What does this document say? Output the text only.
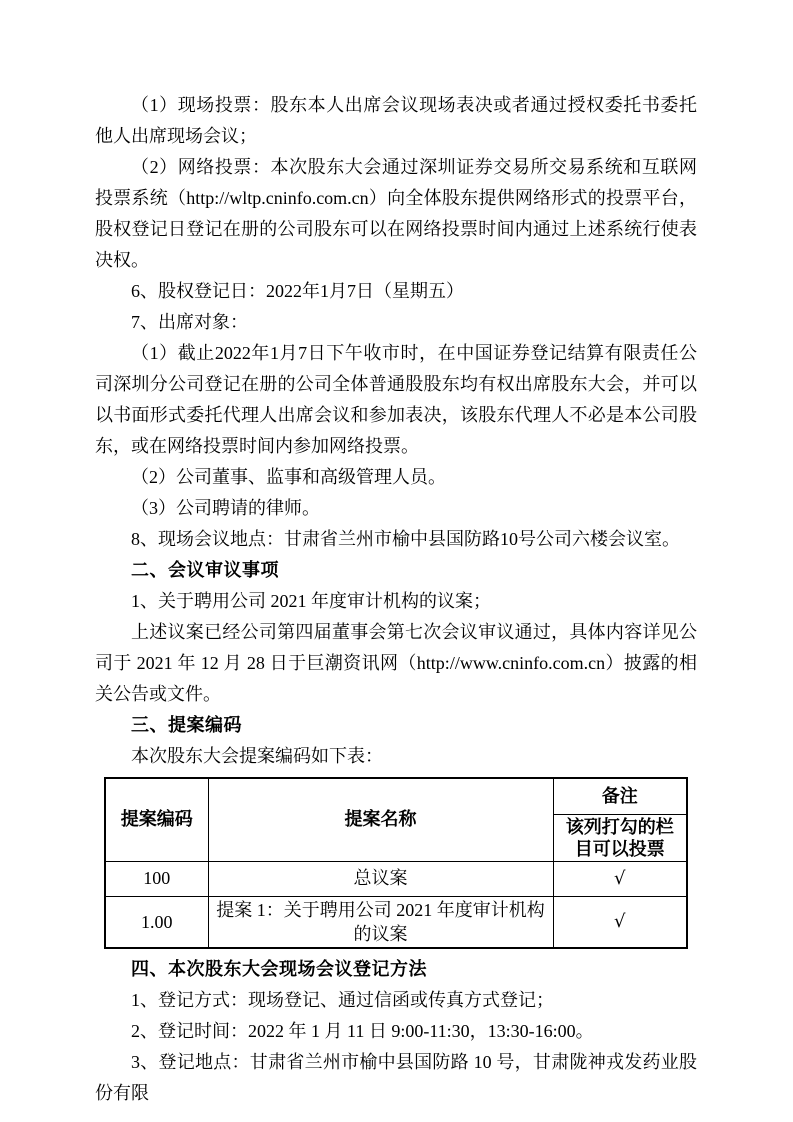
（1）现场投票：股东本人出席会议现场表决或者通过授权委托书委托他人出席现场会议；

（2）网络投票：本次股东大会通过深圳证券交易所交易系统和互联网投票系统（http://wltp.cninfo.com.cn）向全体股东提供网络形式的投票平台，股权登记日登记在册的公司股东可以在网络投票时间内通过上述系统行使表决权。

6、股权登记日：2022年1月7日（星期五）

7、出席对象：

（1）截止2022年1月7日下午收市时，在中国证券登记结算有限责任公司深圳分公司登记在册的公司全体普通股股东均有权出席股东大会，并可以以书面形式委托代理人出席会议和参加表决，该股东代理人不必是本公司股东，或在网络投票时间内参加网络投票。

（2）公司董事、监事和高级管理人员。

（3）公司聘请的律师。

8、现场会议地点：甘肃省兰州市榆中县国防路10号公司六楼会议室。

二、会议审议事项

1、关于聘用公司 2021 年度审计机构的议案；

上述议案已经公司第四届董事会第七次会议审议通过，具体内容详见公司于 2021 年 12 月 28 日于巨潮资讯网（http://www.cninfo.com.cn）披露的相关公告或文件。

三、提案编码

本次股东大会提案编码如下表：

提案编码	提案名称	备注
		该列打勾的栏目可以投票
100	总议案	√
1.00	提案 1：关于聘用公司 2021 年度审计机构的议案	√
四、本次股东大会现场会议登记方法

1、登记方式：现场登记、通过信函或传真方式登记；

2、登记时间：2022 年 1 月 11 日 9:00-11:30，13:30-16:00。

3、登记地点：甘肃省兰州市榆中县国防路 10 号，甘肃陇神戎发药业股份有限
